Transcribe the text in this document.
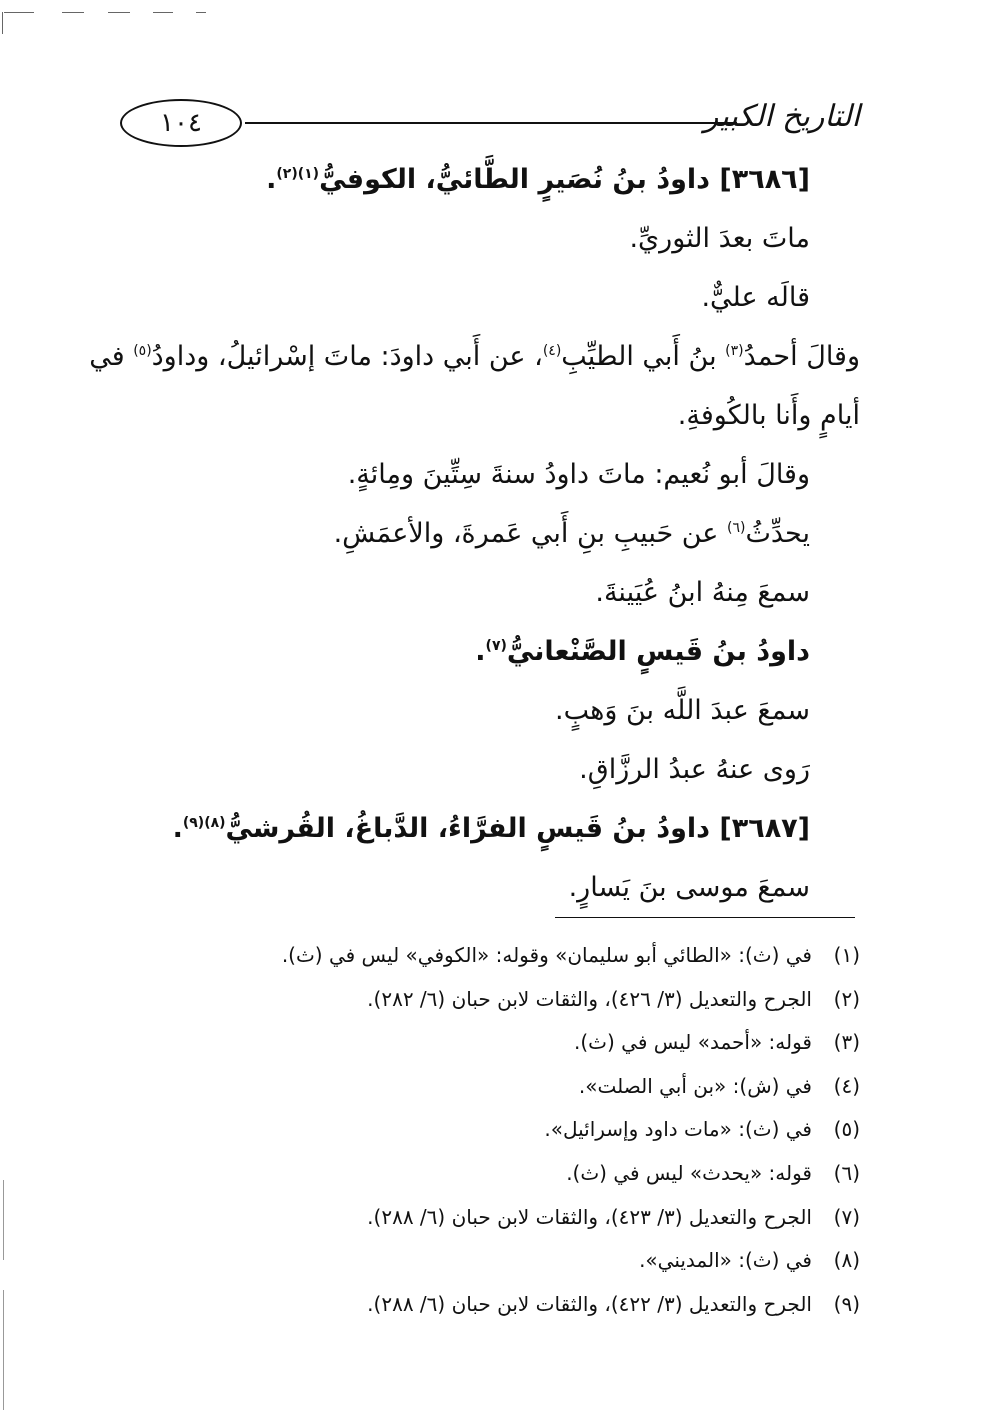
التاريخ الكبير
١٠٤
[٣٦٨٦] داودُ بنُ نُصَيرٍ الطَّائيُّ، الكوفيُّ$^{(١)(٢)}$.
ماتَ بعدَ الثوريِّ.
قالَه عليٌّ.
وقالَ أحمدُ$^{(٣)}$ بنُ أَبي الطيِّبِ$^{(٤)}$، عن أَبي داودَ: ماتَ إسْرائيلُ، وداودُ$^{(٥)}$ في
أيامٍ وأَنا بالكُوفةِ.
وقالَ أبو نُعيم: ماتَ داودُ سنةَ سِتِّينَ ومِائةٍ.
يحدِّثُ$^{(٦)}$ عن حَبيبِ بنِ أَبي عَمرةَ، والأعمَشِ.
سمعَ مِنهُ ابنُ عُيَينةَ.
داودُ بنُ قَيسٍ الصَّنْعانيُّ$^{(٧)}$.
سمعَ عبدَ اللَّه بنَ وَهبٍ.
رَوى عنهُ عبدُ الرزَّاقِ.
[٣٦٨٧] داودُ بنُ قَيسٍ الفرَّاءُ، الدَّباغُ، القُرشيُّ$^{(٨)(٩)}$.
سمعَ موسى بنَ يَسارٍ.
(١)في (ث): «الطائي أبو سليمان» وقوله: «الكوفي» ليس في (ث).
(٢)الجرح والتعديل (٣/ ٤٢٦)، والثقات لابن حبان (٦/ ٢٨٢).
(٣)قوله: «أحمد» ليس في (ث).
(٤)في (ش): «بن أبي الصلت».
(٥)في (ث): «مات داود وإسرائيل».
(٦)قوله: «يحدث» ليس في (ث).
(٧)الجرح والتعديل (٣/ ٤٢٣)، والثقات لابن حبان (٦/ ٢٨٨).
(٨)في (ث): «المديني».
(٩)الجرح والتعديل (٣/ ٤٢٢)، والثقات لابن حبان (٦/ ٢٨٨).
